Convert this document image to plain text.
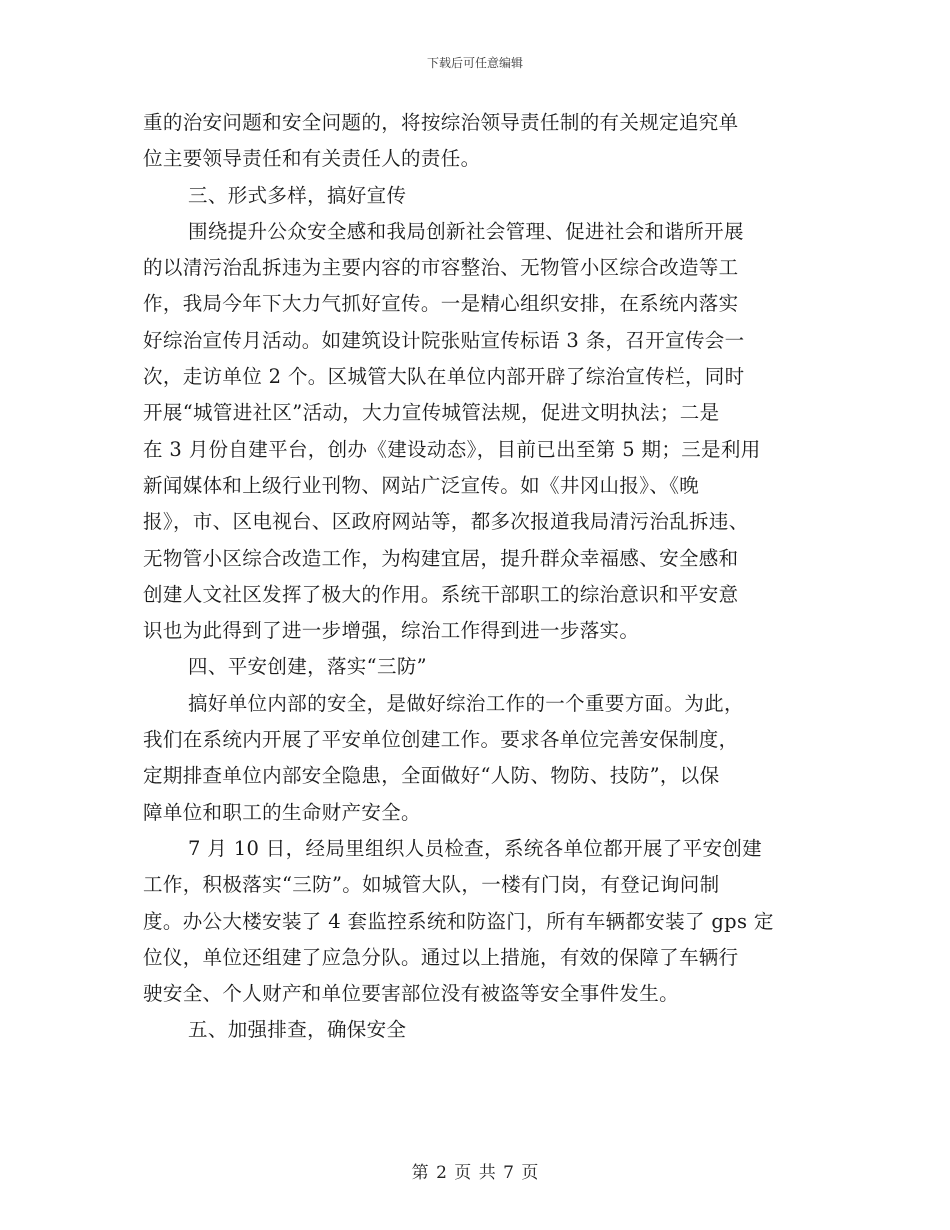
下载后可任意编辑
重的治安问题和安全问题的，将按综治领导责任制的有关规定追究单
位主要领导责任和有关责任人的责任。
三、形式多样，搞好宣传
围绕提升公众安全感和我局创新社会管理、促进社会和谐所开展
的以清污治乱拆违为主要内容的市容整治、无物管小区综合改造等工
作，我局今年下大力气抓好宣传。一是精心组织安排，在系统内落实
好综治宣传月活动。如建筑设计院张贴宣传标语 3 条，召开宣传会一
次，走访单位 2 个。区城管大队在单位内部开辟了综治宣传栏，同时
开展“城管进社区”活动，大力宣传城管法规，促进文明执法；二是
在 3 月份自建平台，创办《建设动态》，目前已出至第 5 期；三是利用
新闻媒体和上级行业刊物、网站广泛宣传。如《井冈山报》、《晚
报》，市、区电视台、区政府网站等，都多次报道我局清污治乱拆违、
无物管小区综合改造工作，为构建宜居，提升群众幸福感、安全感和
创建人文社区发挥了极大的作用。系统干部职工的综治意识和平安意
识也为此得到了进一步增强，综治工作得到进一步落实。
四、平安创建，落实“三防”
搞好单位内部的安全，是做好综治工作的一个重要方面。为此，
我们在系统内开展了平安单位创建工作。要求各单位完善安保制度，
定期排查单位内部安全隐患，全面做好“人防、物防、技防”，以保
障单位和职工的生命财产安全。
7 月 10 日，经局里组织人员检查，系统各单位都开展了平安创建
工作，积极落实“三防”。如城管大队，一楼有门岗，有登记询问制
度。办公大楼安装了 4 套监控系统和防盗门，所有车辆都安装了 gps 定
位仪，单位还组建了应急分队。通过以上措施，有效的保障了车辆行
驶安全、个人财产和单位要害部位没有被盗等安全事件发生。
五、加强排查，确保安全
第 2 页 共 7 页
